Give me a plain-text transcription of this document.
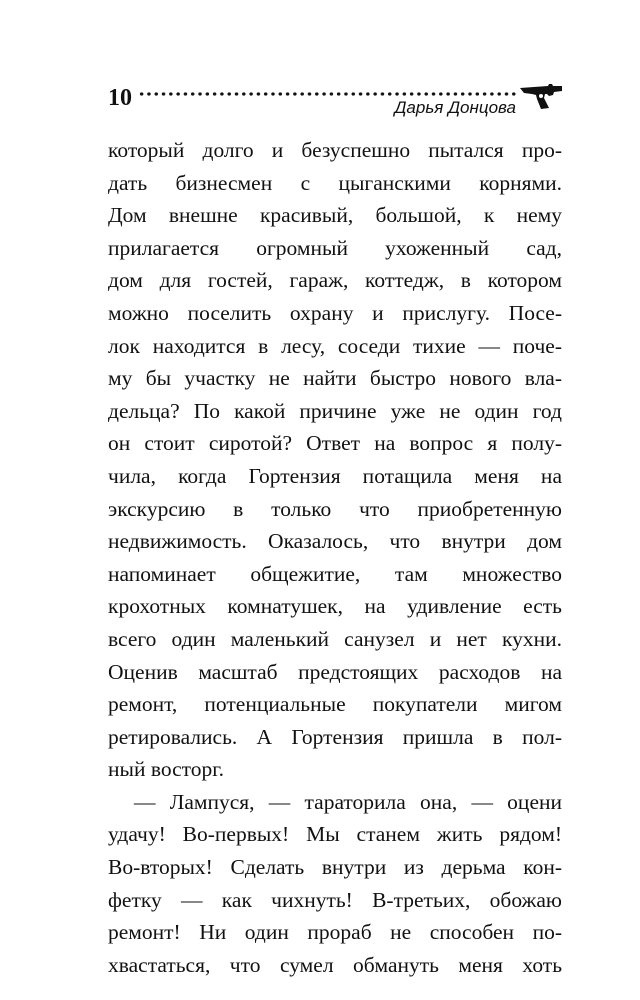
10	Дарья Донцова
который долго и безуспешно пытался про-
дать бизнесмен с цыганскими корнями.
Дом внешне красивый, большой, к нему
прилагается огромный ухоженный сад,
дом для гостей, гараж, коттедж, в котором
можно поселить охрану и прислугу. Посе-
лок находится в лесу, соседи тихие — поче-
му бы участку не найти быстро нового вла-
дельца? По какой причине уже не один год
он стоит сиротой? Ответ на вопрос я полу-
чила, когда Гортензия потащила меня на
экскурсию в только что приобретенную
недвижимость. Оказалось, что внутри дом
напоминает общежитие, там множество
крохотных комнатушек, на удивление есть
всего один маленький санузел и нет кухни.
Оценив масштаб предстоящих расходов на
ремонт, потенциальные покупатели мигом
ретировались. А Гортензия пришла в пол-
ный восторг.
— Лампуся, — тараторила она, — оцени
удачу! Во-первых! Мы станем жить рядом!
Во-вторых! Сделать внутри из дерьма кон-
фетку — как чихнуть! В-третьих, обожаю
ремонт! Ни один прораб не способен по-
хвастаться, что сумел обмануть меня хоть
